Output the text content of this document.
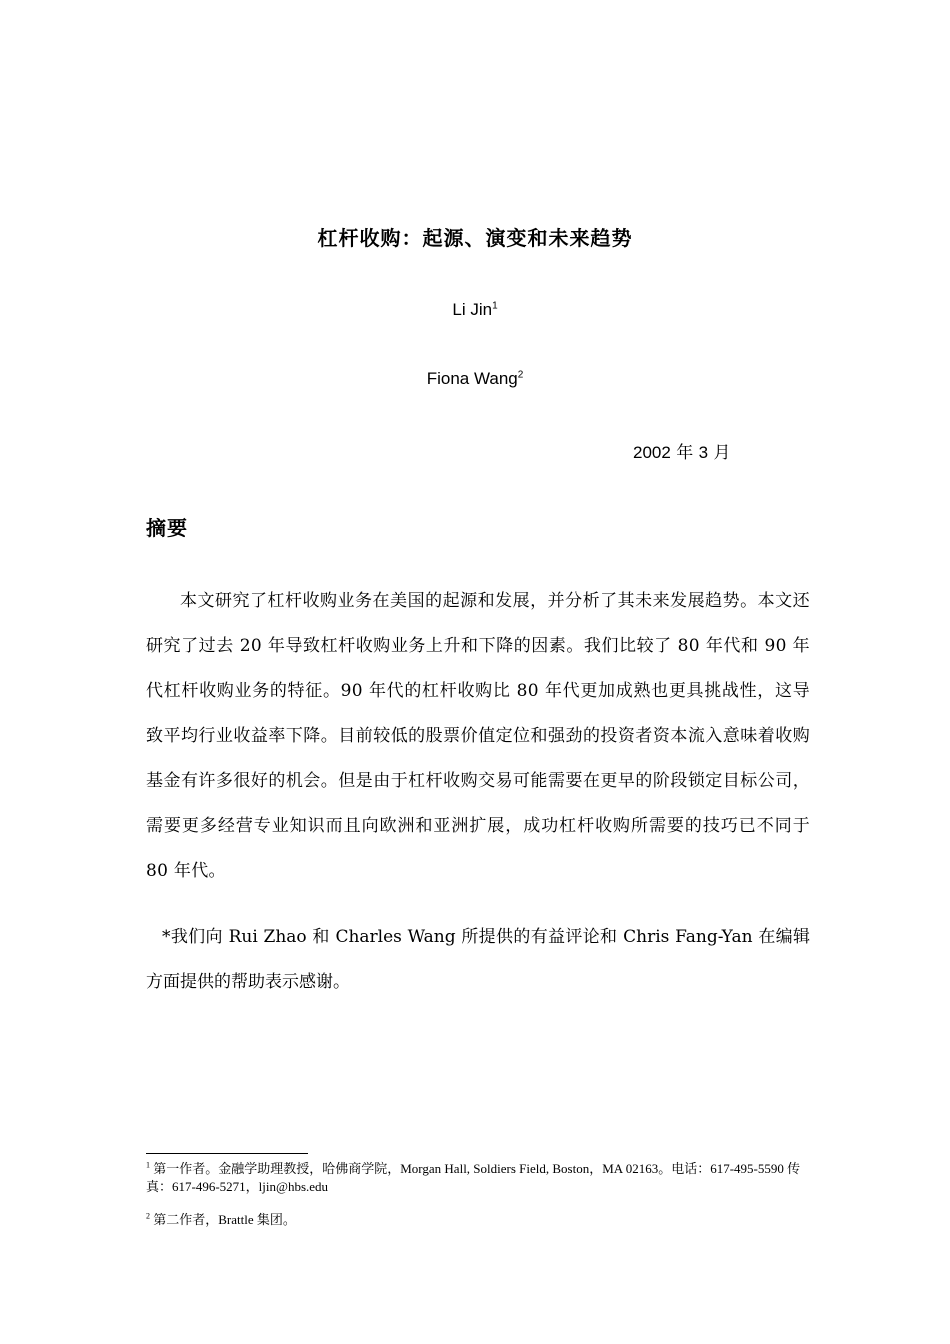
杠杆收购：起源、演变和未来趋势
Li Jin$^1$
Fiona Wang$^2$
2002 年 3 月
摘要
本文研究了杠杆收购业务在美国的起源和发展，并分析了其未来发展趋势。本文还研究了过去 20 年导致杠杆收购业务上升和下降的因素。我们比较了 80 年代和 90 年代杠杆收购业务的特征。90 年代的杠杆收购比 80 年代更加成熟也更具挑战性，这导致平均行业收益率下降。目前较低的股票价值定位和强劲的投资者资本流入意味着收购基金有许多很好的机会。但是由于杠杆收购交易可能需要在更早的阶段锁定目标公司，需要更多经营专业知识而且向欧洲和亚洲扩展，成功杠杆收购所需要的技巧已不同于 80 年代。
*我们向 Rui Zhao 和 Charles Wang 所提供的有益评论和 Chris Fang-Yan 在编辑方面提供的帮助表示感谢。
$^1$ 第一作者。金融学助理教授，哈佛商学院，Morgan Hall, Soldiers Field, Boston，MA 02163。电话：617-495-5590 传真：617-496-5271，ljin@hbs.edu
$^2$ 第二作者，Brattle 集团。
